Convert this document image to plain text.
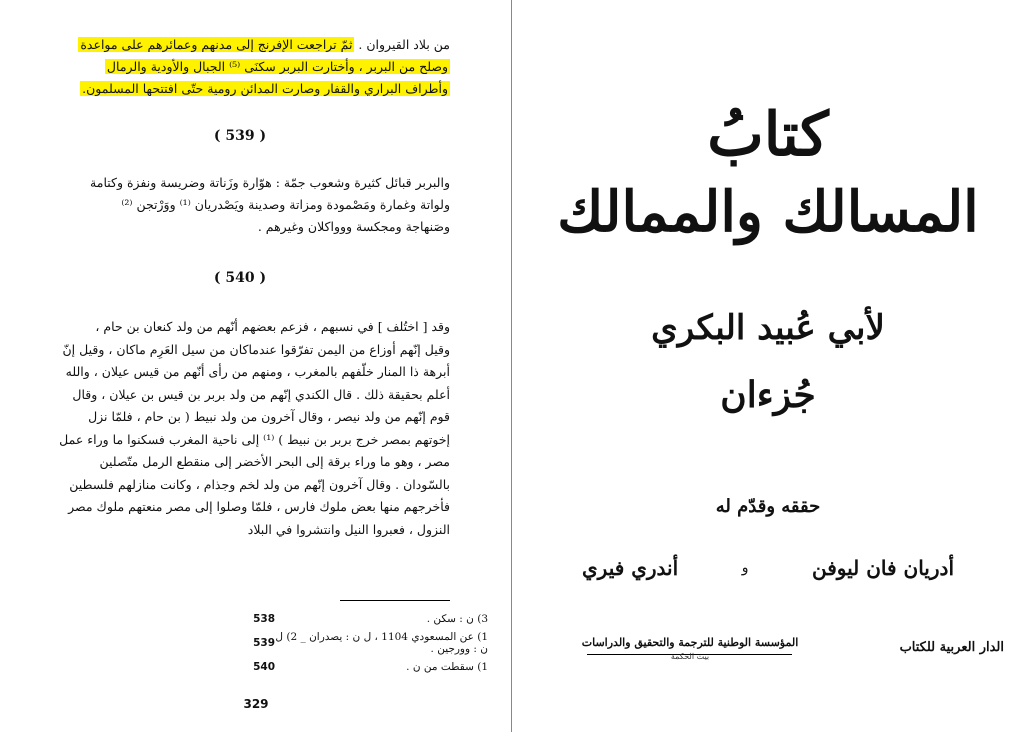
من بلاد القيروان . ثمّ تراجعت الإفرنج إلى مدنهم وعمائرهم على مواعدة
وصلح من البربر ، وأختارت البربر سكنَى ⁽⁵⁾ الجبال والأودية والرمال
وأطراف البراري والقفار وصارت المدائن رومية حتّى افتتحها المسلمون.
( 539 )
والبربر قبائل كثيرة وشعوب جمّة : هوّارة وزَناتة وضريسة ونفزة وكتامة
ولواتة وغمارة ومَصْمودة ومزاتة وصدينة ويَصْدريان ⁽¹⁾ ووَرْتجن ⁽²⁾
وصَنهاجة ومجكسة ووواكلان وغيرهم .
( 540 )
وقد [ اختُلف ] في نسبهم ، فزعم بعضهم أنّهم من ولد كنعان بن حام ،
وقيل إنّهم أوزاع من اليمن تفرّقوا عندماكان من سيل العَرِم ماكان ، وقيل إنّ
أبرهة ذا المنار خلّفهم بالمغرب ، ومنهم من رأى أنّهم من قيس عيلان ، والله
أعلم بحقيقة ذلك . قال الكندي إنّهم من ولد بربر بن قيس بن عيلان ، وقال
قوم إنّهم من ولد نيصر ، وقال آخرون من ولد نبيط ( بن حام ، فلمّا نزل
إخوتهم بمصر خرج بربر بن نبيط ) ⁽¹⁾ إلى ناحية المغرب فسكنوا ما وراء عمل
مصر ، وهو ما وراء برقة إلى البحر الأخضر إلى منقطع الرمل متّصلين
بالسّودان . وقال آخرون إنّهم من ولد لخم وجذام ، وكانت منازلهم فلسطين
فأخرجهم منها بعض ملوك فارس ، فلمّا وصلوا إلى مصر منعتهم ملوك مصر
النزول ، فعبروا النيل وانتشروا في البلاد
538	3) ن : سكن .
539 1) عن المسعودي 1104 ، ل ن : يصدران _ 2) ل ن : وورجين .
540	1) سقطت من ن .
329
كتابُ
المسالك والممالك
لأبي عُبيد البكري
جُزءان
حققه وقدّم له
أدريان فان ليوفن
و
أندري فيري
الدار العربية للكتاب
المؤسسة الوطنية للترجمة والتحقيق والدراسات
بيت الحكمة
